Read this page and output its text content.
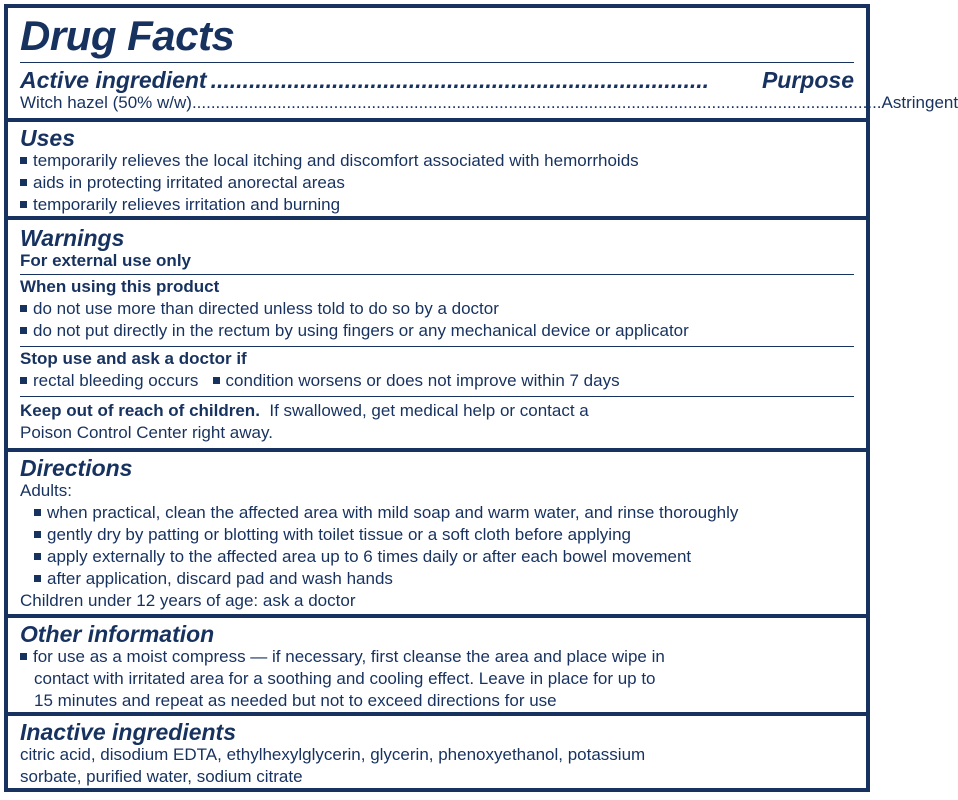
Drug Facts
Active ingredient ..............................................................................	Purpose
Witch hazel (50% w/w) .................................................................................................................................................. Astringent
Uses
temporarily relieves the local itching and discomfort associated with hemorrhoids
aids in protecting irritated anorectal areas
temporarily relieves irritation and burning
Warnings
For external use only
When using this product
do not use more than directed unless told to do so by a doctor
do not put directly in the rectum by using fingers or any mechanical device or applicator
Stop use and ask a doctor if
rectal bleeding occurs condition worsens or does not improve within 7 days
Keep out of reach of children. If swallowed, get medical help or contact a
Poison Control Center right away.
Directions
Adults:
when practical, clean the affected area with mild soap and warm water, and rinse thoroughly
gently dry by patting or blotting with toilet tissue or a soft cloth before applying
apply externally to the affected area up to 6 times daily or after each bowel movement
after application, discard pad and wash hands
Children under 12 years of age: ask a doctor
Other information
for use as a moist compress — if necessary, first cleanse the area and place wipe in
contact with irritated area for a soothing and cooling effect. Leave in place for up to
15 minutes and repeat as needed but not to exceed directions for use
Inactive ingredients
citric acid, disodium EDTA, ethylhexylglycerin, glycerin, phenoxyethanol, potassium
sorbate, purified water, sodium citrate
